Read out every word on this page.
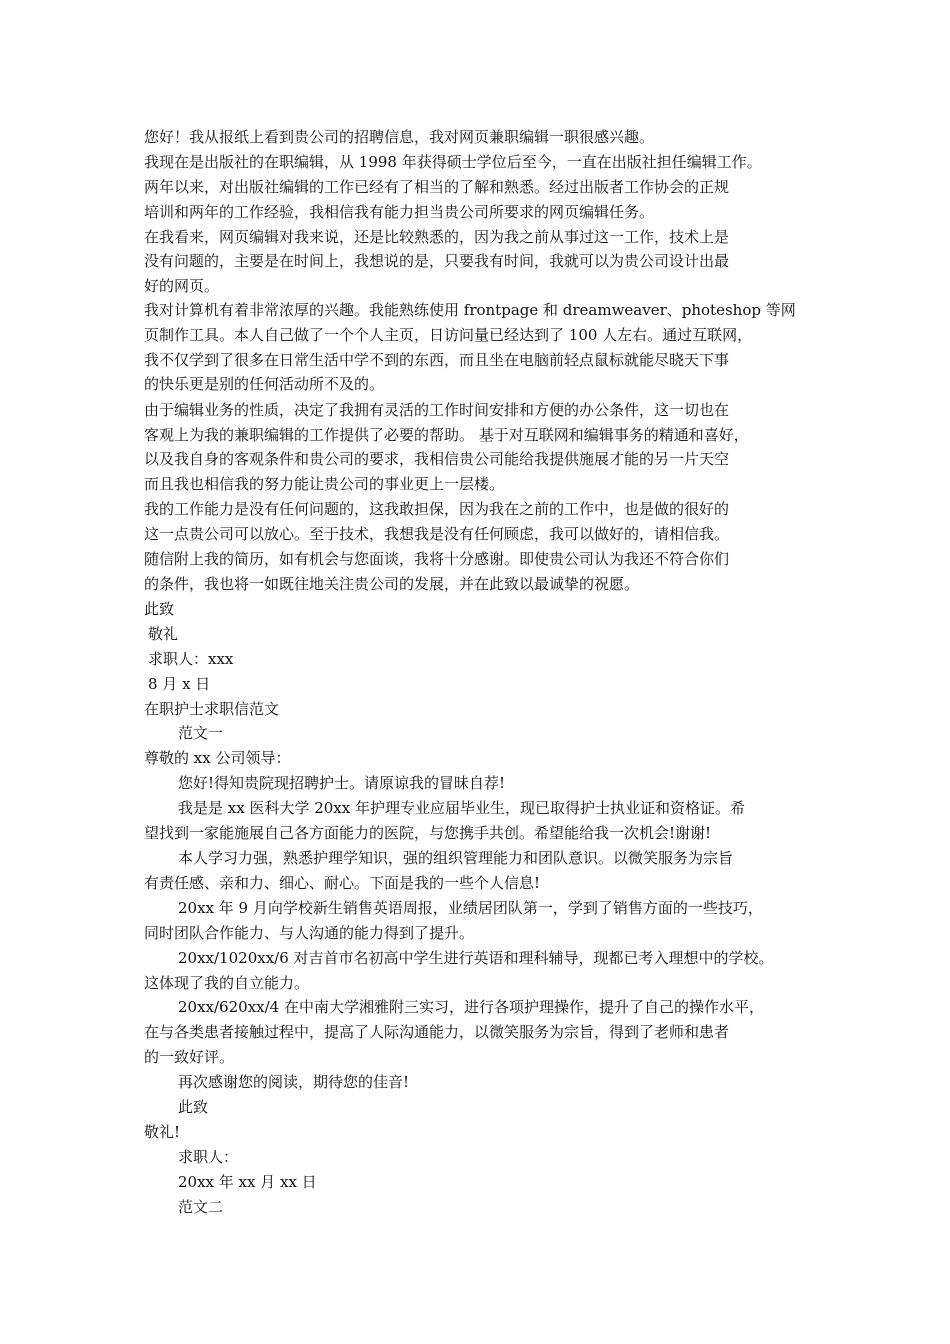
您好！我从报纸上看到贵公司的招聘信息，我对网页兼职编辑一职很感兴趣。
我现在是出版社的在职编辑，从 1998 年获得硕士学位后至今，一直在出版社担任编辑工作。
两年以来，对出版社编辑的工作已经有了相当的了解和熟悉。经过出版者工作协会的正规
培训和两年的工作经验，我相信我有能力担当贵公司所要求的网页编辑任务。
在我看来，网页编辑对我来说，还是比较熟悉的，因为我之前从事过这一工作，技术上是
没有问题的，主要是在时间上，我想说的是，只要我有时间，我就可以为贵公司设计出最
好的网页。
我对计算机有着非常浓厚的兴趣。我能熟练使用 frontpage 和 dreamweaver、photeshop 等网
页制作工具。本人自己做了一个个人主页，日访问量已经达到了 100 人左右。通过互联网，
我不仅学到了很多在日常生活中学不到的东西，而且坐在电脑前轻点鼠标就能尽晓天下事
的快乐更是别的任何活动所不及的。
由于编辑业务的性质，决定了我拥有灵活的工作时间安排和方便的办公条件，这一切也在
客观上为我的兼职编辑的工作提供了必要的帮助。 基于对互联网和编辑事务的精通和喜好，
以及我自身的客观条件和贵公司的要求，我相信贵公司能给我提供施展才能的另一片天空
而且我也相信我的努力能让贵公司的事业更上一层楼。
我的工作能力是没有任何问题的，这我敢担保，因为我在之前的工作中，也是做的很好的
这一点贵公司可以放心。至于技术，我想我是没有任何顾虑，我可以做好的，请相信我。
随信附上我的简历，如有机会与您面谈，我将十分感谢。即使贵公司认为我还不符合你们
的条件，我也将一如既往地关注贵公司的发展，并在此致以最诚挚的祝愿。
此致
敬礼
求职人：xxx
8 月 x 日
在职护士求职信范文
范文一
尊敬的 xx 公司领导：
您好!得知贵院现招聘护士。请原谅我的冒昧自荐!
我是是 xx 医科大学 20xx 年护理专业应届毕业生，现已取得护士执业证和资格证。希
望找到一家能施展自己各方面能力的医院，与您携手共创。希望能给我一次机会!谢谢!
本人学习力强，熟悉护理学知识，强的组织管理能力和团队意识。以微笑服务为宗旨
有责任感、亲和力、细心、耐心。下面是我的一些个人信息!
20xx 年 9 月向学校新生销售英语周报，业绩居团队第一，学到了销售方面的一些技巧，
同时团队合作能力、与人沟通的能力得到了提升。
20xx/1020xx/6 对吉首市名初高中学生进行英语和理科辅导，现都已考入理想中的学校。
这体现了我的自立能力。
20xx/620xx/4 在中南大学湘雅附三实习，进行各项护理操作，提升了自己的操作水平，
在与各类患者接触过程中，提高了人际沟通能力，以微笑服务为宗旨，得到了老师和患者
的一致好评。
再次感谢您的阅读，期待您的佳音!
此致
敬礼!
求职人：
20xx 年 xx 月 xx 日
范文二
